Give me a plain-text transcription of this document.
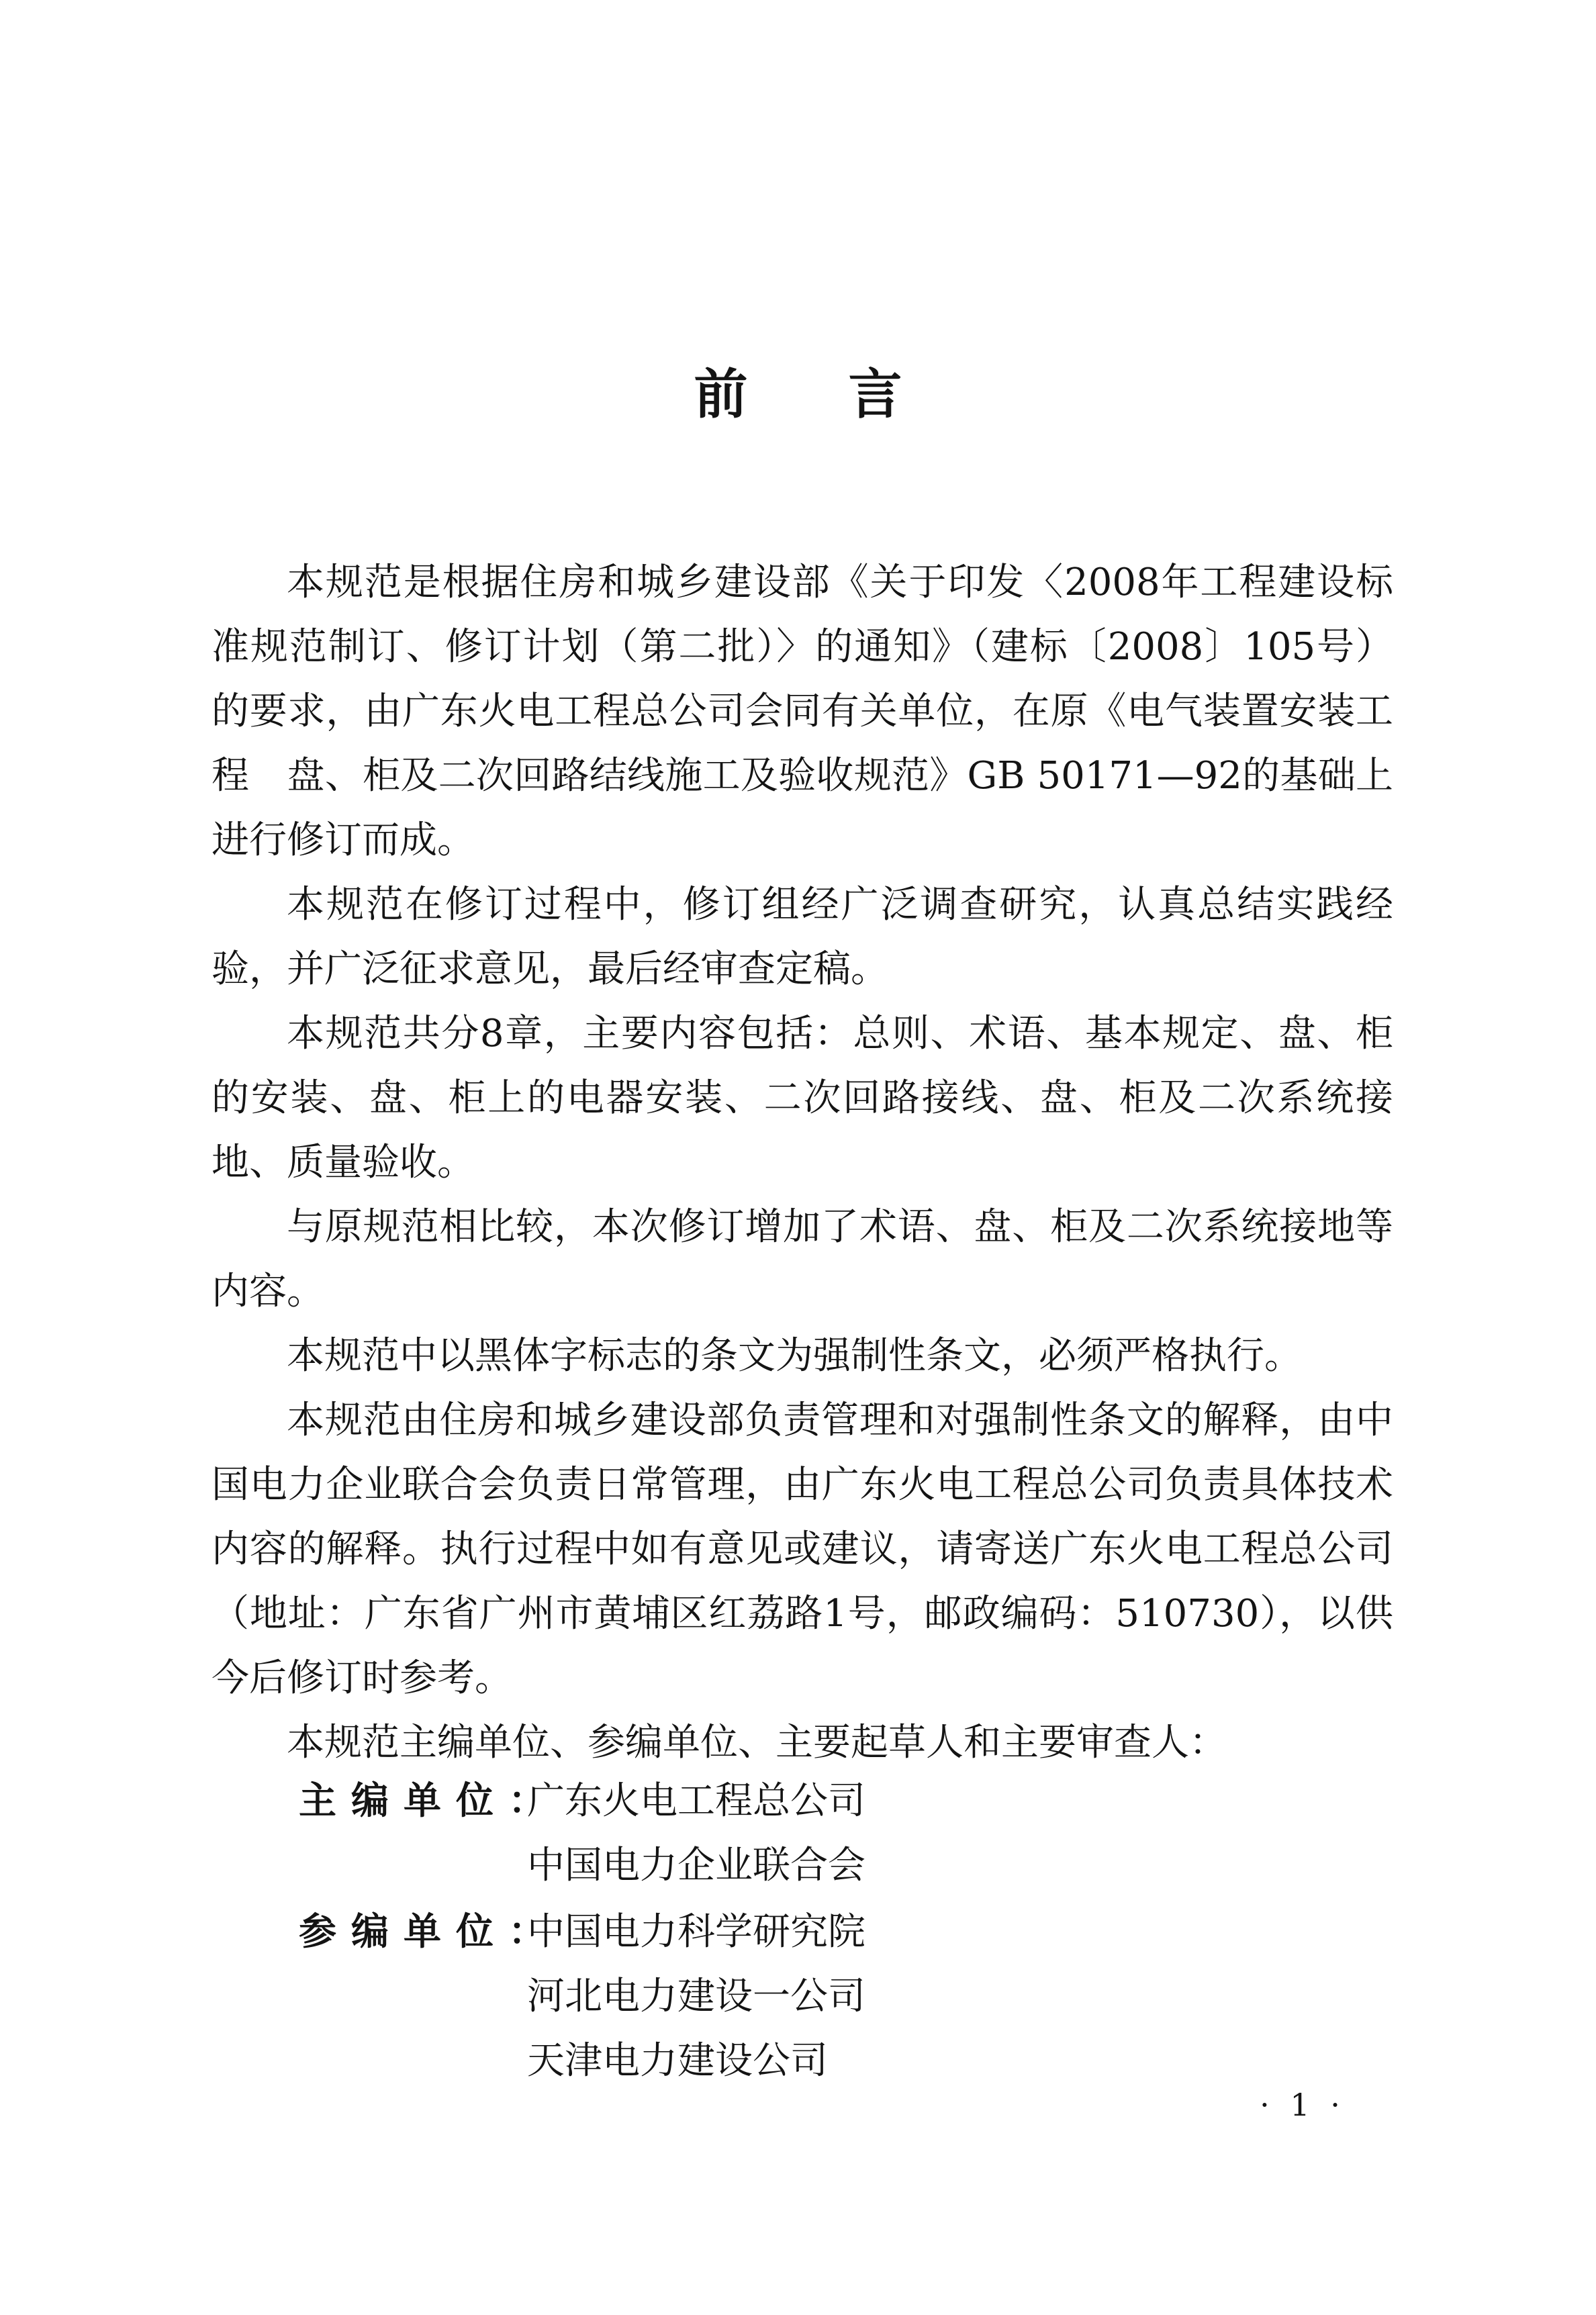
前言

本规范是根据住房和城乡建设部《关于印发〈2008年工程建设标准规范制订、修订计划（第二批）〉的通知》（建标〔2008〕105号）的要求，由广东火电工程总公司会同有关单位，在原《电气装置安装工程　盘、柜及二次回路结线施工及验收规范》GB 50171—92的基础上进行修订而成。

本规范在修订过程中，修订组经广泛调查研究，认真总结实践经验，并广泛征求意见，最后经审查定稿。

本规范共分8章，主要内容包括：总则、术语、基本规定、盘、柜的安装、盘、柜上的电器安装、二次回路接线、盘、柜及二次系统接地、质量验收。

与原规范相比较，本次修订增加了术语、盘、柜及二次系统接地等内容。

本规范中以黑体字标志的条文为强制性条文，必须严格执行。

本规范由住房和城乡建设部负责管理和对强制性条文的解释，由中国电力企业联合会负责日常管理，由广东火电工程总公司负责具体技术内容的解释。执行过程中如有意见或建议，请寄送广东火电工程总公司（地址：广东省广州市黄埔区红荔路1号，邮政编码：510730），以供今后修订时参考。

本规范主编单位、参编单位、主要起草人和主要审查人：

主编单位：
广东火电工程总公司
中国电力企业联合会
参编单位：
中国电力科学研究院
河北电力建设一公司
天津电力建设公司
· 1 ·
